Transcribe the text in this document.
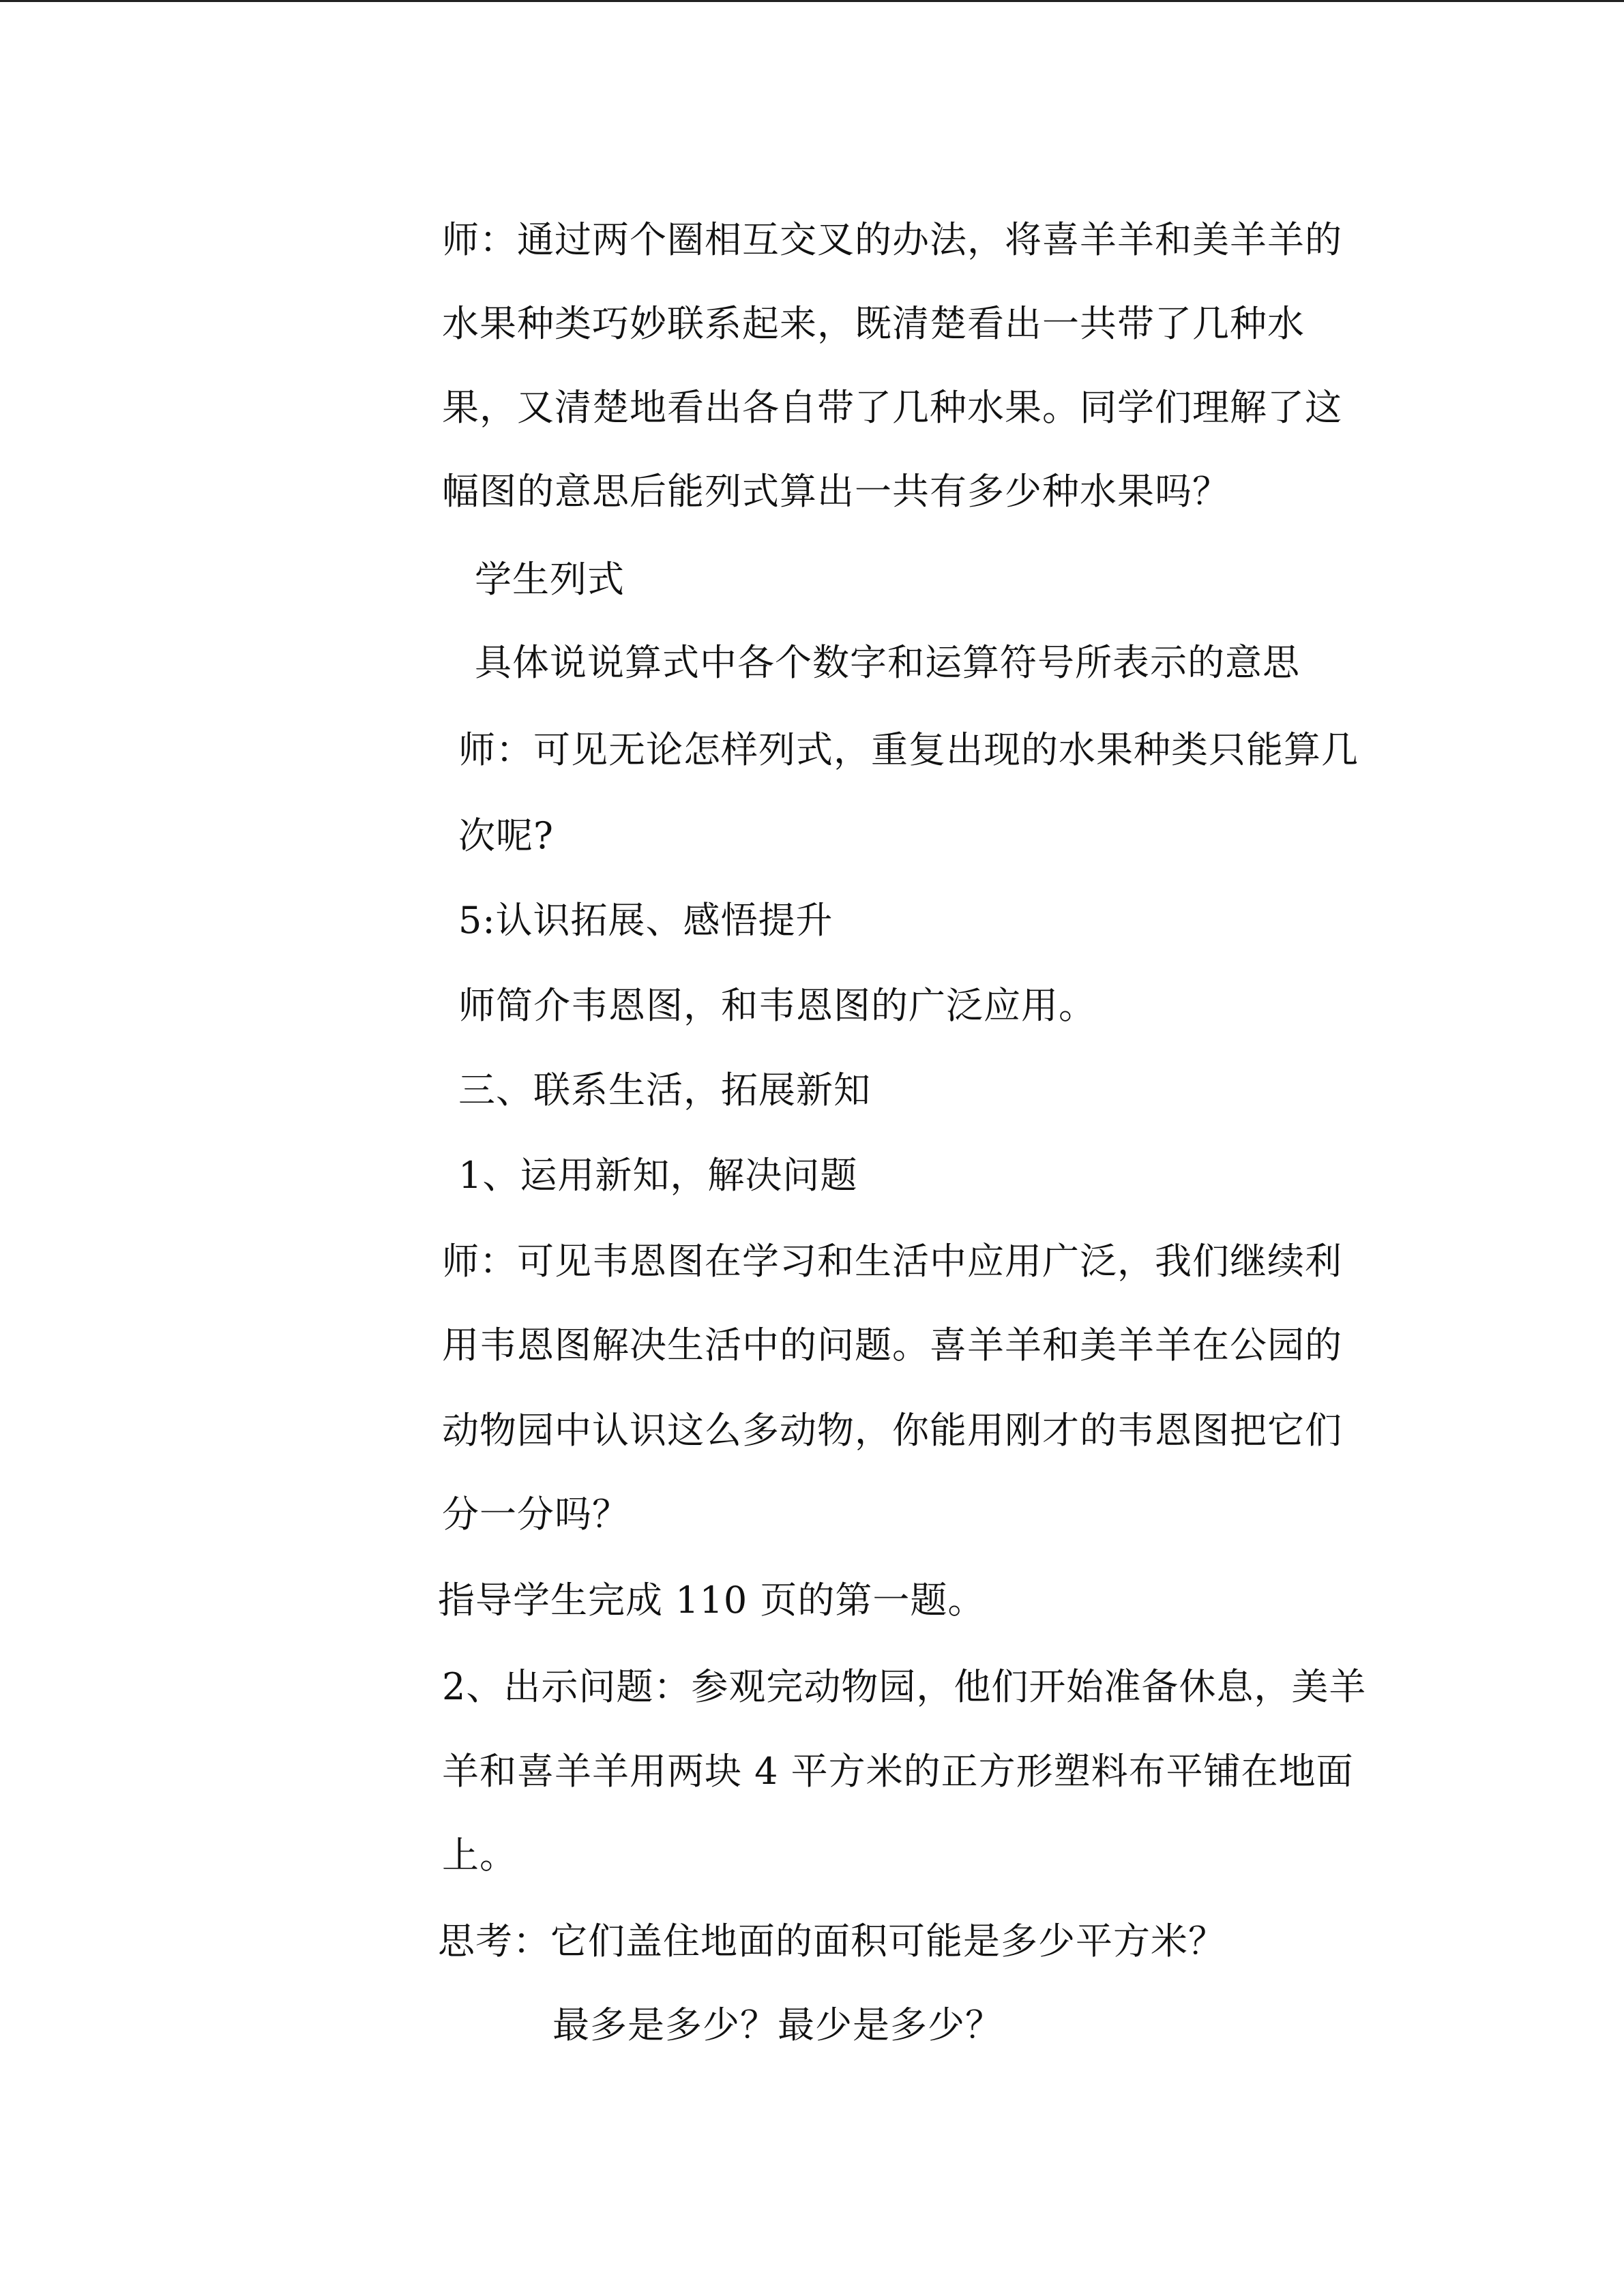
师：通过两个圈相互交叉的办法，将喜羊羊和美羊羊的
水果种类巧妙联系起来，既清楚看出一共带了几种水
果，又清楚地看出各自带了几种水果。同学们理解了这
幅图的意思后能列式算出一共有多少种水果吗？
学生列式
具体说说算式中各个数字和运算符号所表示的意思
师：可见无论怎样列式，重复出现的水果种类只能算几
次呢?
5:认识拓展、感悟提升
师简介韦恩图，和韦恩图的广泛应用。
三、联系生活，拓展新知
1、运用新知，解决问题
师：可见韦恩图在学习和生活中应用广泛，我们继续利
用韦恩图解决生活中的问题。喜羊羊和美羊羊在公园的
动物园中认识这么多动物，你能用刚才的韦恩图把它们
分一分吗？
指导学生完成 110 页的第一题。
2、出示问题：参观完动物园，他们开始准备休息，美羊
羊和喜羊羊用两块 4 平方米的正方形塑料布平铺在地面
上。
思考：它们盖住地面的面积可能是多少平方米？
最多是多少？最少是多少？
